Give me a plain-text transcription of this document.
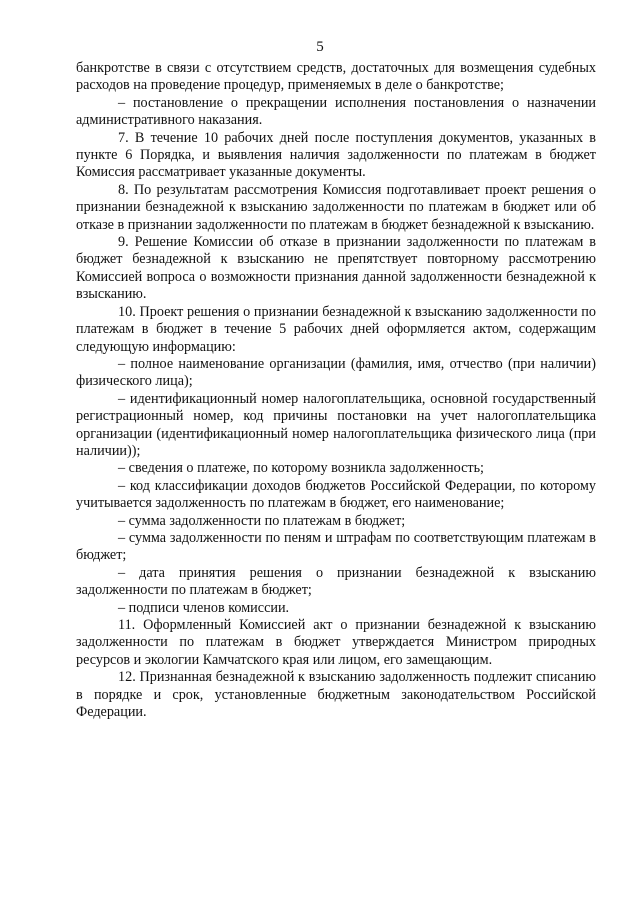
5

банкротстве в связи с отсутствием средств, достаточных для возмещения судебных расходов на проведение процедур, применяемых в деле о банкротстве;

– постановление о прекращении исполнения постановления о назначении административного наказания.

7. В течение 10 рабочих дней после поступления документов, указанных в пункте 6 Порядка, и выявления наличия задолженности по платежам в бюджет Комиссия рассматривает указанные документы.

8. По результатам рассмотрения Комиссия подготавливает проект решения о признании безнадежной к взысканию задолженности по платежам в бюджет или об отказе в признании задолженности по платежам в бюджет безнадежной к взысканию.

9. Решение Комиссии об отказе в признании задолженности по платежам в бюджет безнадежной к взысканию не препятствует повторному рассмотрению Комиссией вопроса о возможности признания данной задолженности безнадежной к взысканию.

10. Проект решения о признании безнадежной к взысканию задолженности по платежам в бюджет в течение 5 рабочих дней оформляется актом, содержащим следующую информацию:

– полное наименование организации (фамилия, имя, отчество (при наличии) физического лица);

– идентификационный номер налогоплательщика, основной государственный регистрационный номер, код причины постановки на учет налогоплательщика организации (идентификационный номер налогоплательщика физического лица (при наличии));

– сведения о платеже, по которому возникла задолженность;

– код классификации доходов бюджетов Российской Федерации, по которому учитывается задолженность по платежам в бюджет, его наименование;

– сумма задолженности по платежам в бюджет;

– сумма задолженности по пеням и штрафам по соответствующим платежам в бюджет;

– дата принятия решения о признании безнадежной к взысканию задолженности по платежам в бюджет;

– подписи членов комиссии.

11. Оформленный Комиссией акт о признании безнадежной к взысканию задолженности по платежам в бюджет утверждается Министром природных ресурсов и экологии Камчатского края или лицом, его замещающим.

12. Признанная безнадежной к взысканию задолженность подлежит списанию в порядке и срок, установленные бюджетным законодательством Российской Федерации.
